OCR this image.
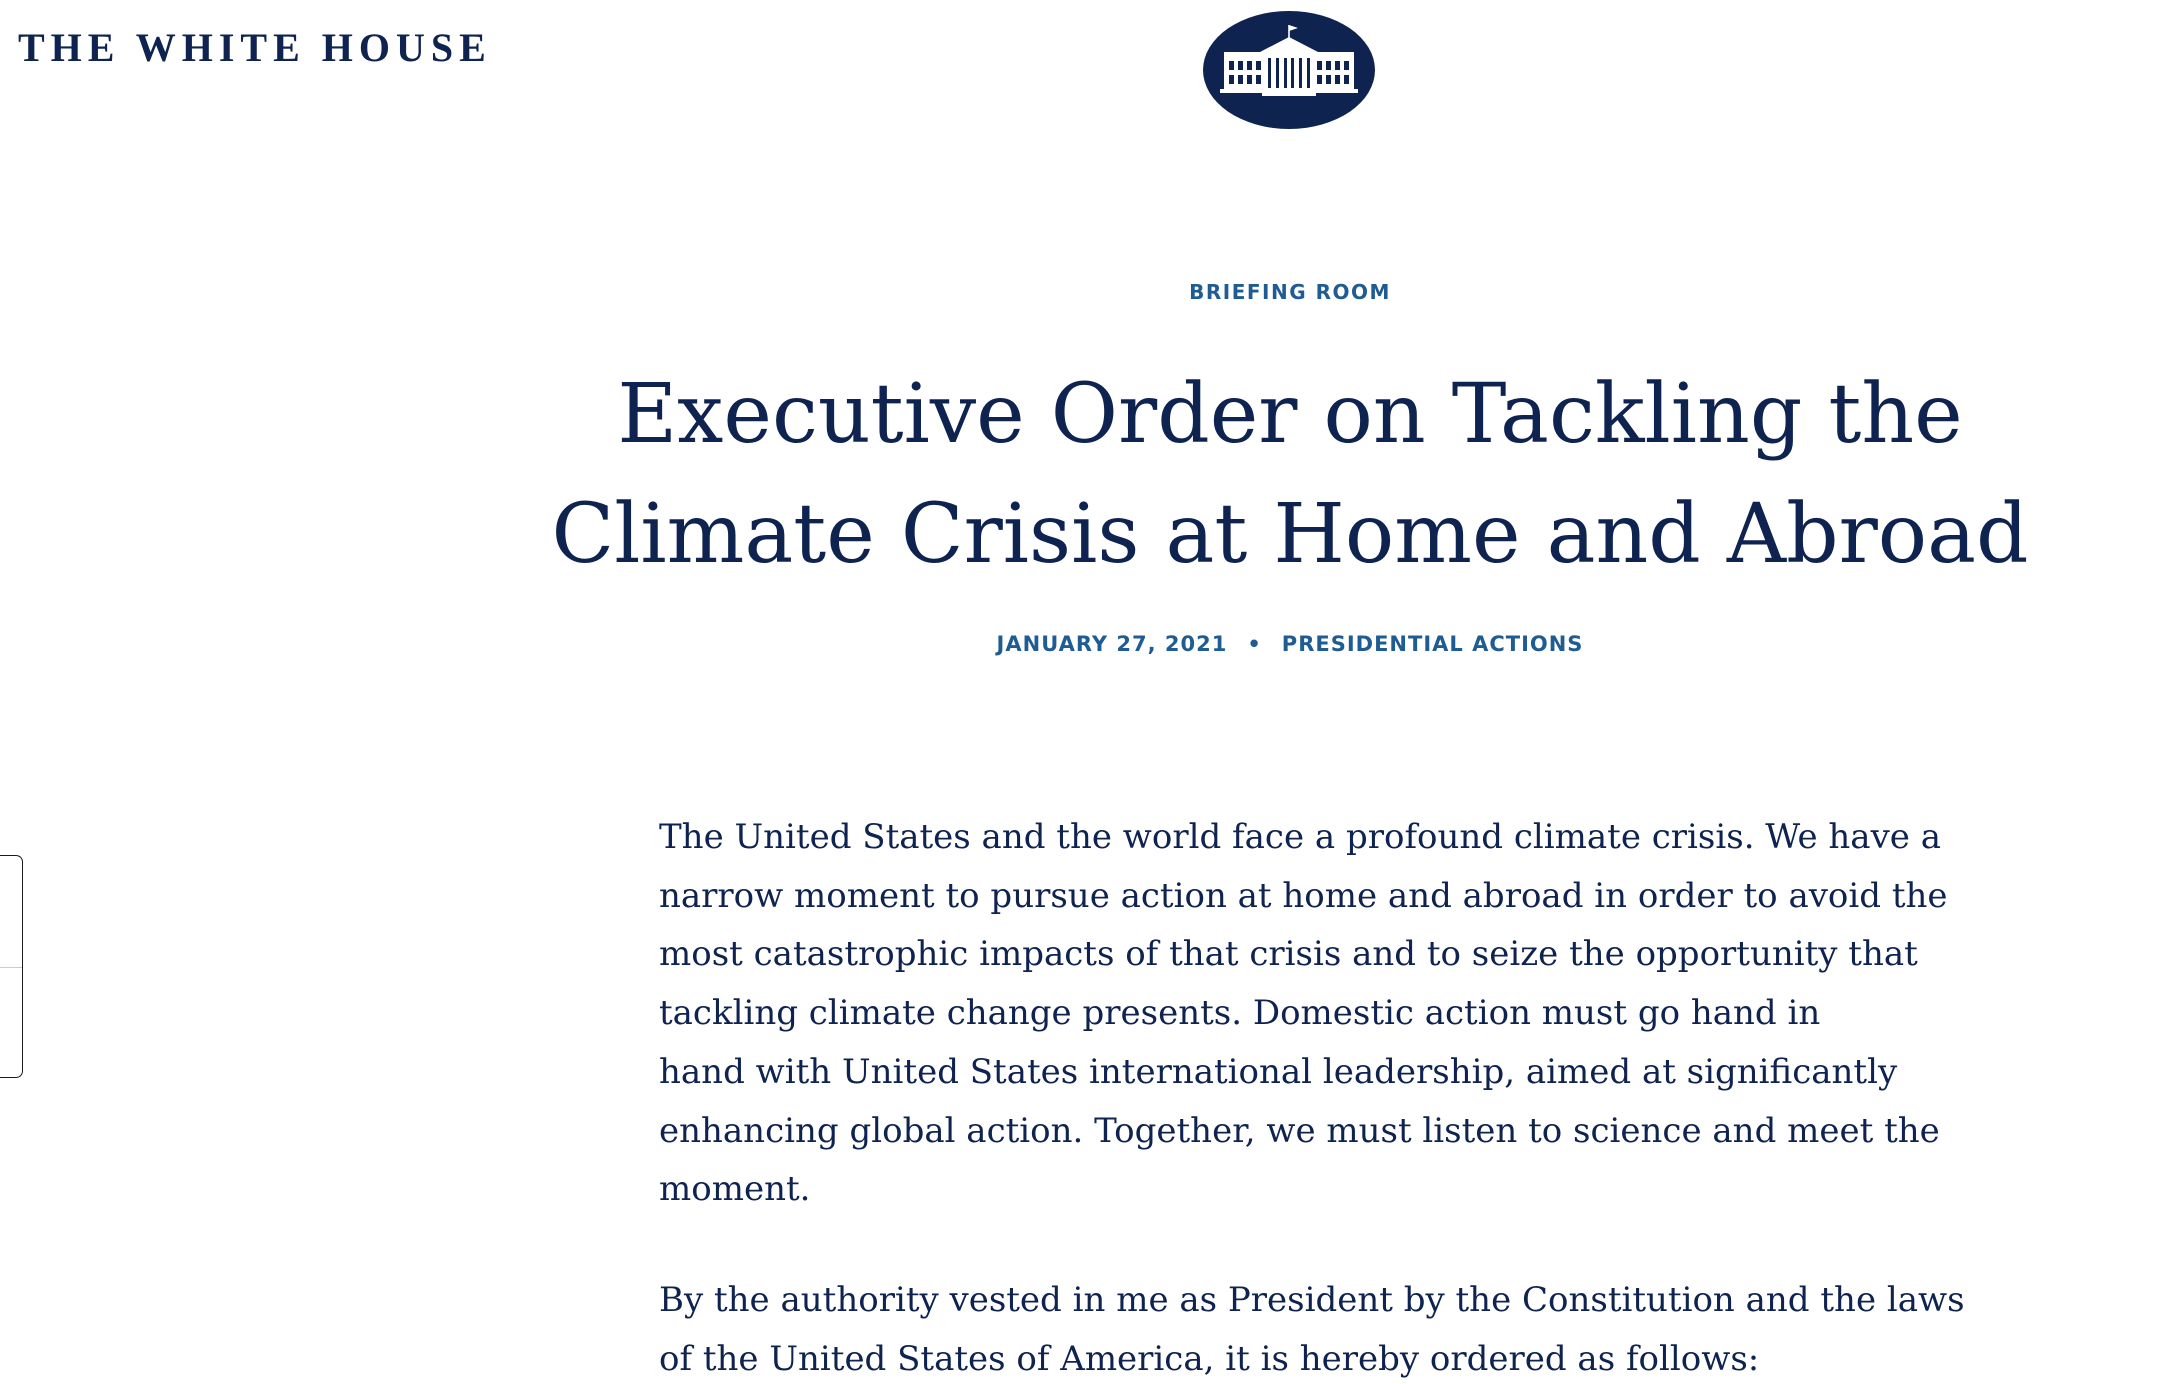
THE WHITE HOUSE
BRIEFING ROOM
Executive Order on Tackling the
Climate Crisis at Home and Abroad
JANUARY 27, 2021 • PRESIDENTIAL ACTIONS

The United States and the world face a profound climate crisis. We have a
narrow moment to pursue action at home and abroad in order to avoid the
most catastrophic impacts of that crisis and to seize the opportunity that
tackling climate change presents. Domestic action must go hand in
hand with United States international leadership, aimed at significantly
enhancing global action. Together, we must listen to science and meet the
moment.

By the authority vested in me as President by the Constitution and the laws
of the United States of America, it is hereby ordered as follows:
